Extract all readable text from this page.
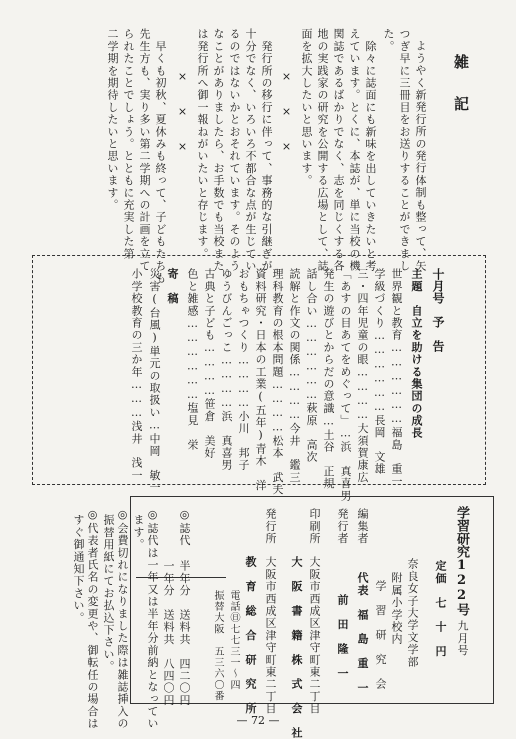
雑　記
ようやく新発行所の発行体制も整って、矢
つぎ早に三冊目をお送りすることができまし
た。
　除々に誌面にも新味を出していきたいと考
えています。とくに、本誌が、単に当校の機
関誌であるばかりでなく、志を同じくする各
地の実践家の研究を公開する広場として、誌
面を拡大したいと思います。
×　　×　　×
　発行所の移行に伴って、事務的な引継ぎが
十分でなく、いろいろ不都合な点が生じてい
るのではないかとおそれています。そのよう
なことがありましたら、お手数でも当校また
は発行所へ御一報ねがいたいと存じます。
×　　×　　×
　早くも初秋、夏休みも終って、子どもたちも
先生方も、実り多い第二学期への計画を立て
られたことでしょう。とともに充実した第
二学期を期待したいと思います。
十月号　予　告
主題　自立を助ける集団の成長
世界観と教育………………福島　重一
学級づくり………………長岡　文雄
三・四年児童の眼…………大須賀康広
「あすの目あてをめぐって」…浜　真喜男
発生の遊びとからだの意識…土谷　正規
話し合い………………萩原　高次
読解と作文の関係…………今井　鑑三
理科教育の根本問題…………松本　武夫
資料研究・日本の工業(五年)青木　洋
おもちゃつくり…………小川　邦子
ゆうびんごっこ…………浜　真喜男
古典と子ども…………笹倉　美好
色と雑感………………塩見　栄
寄　稿
災害(台風)単元の取扱い…中岡　敏一
小学校教育の三か年………浅井　浅一
学習研究122号
九月号
定価　七　十　円
奈良女子大学文学部
附属小学校内
学　習　研　究　会
編集者
代表　福　島　重　一
発行者
前　田　隆　一
印刷所
大阪市西成区津守町東二丁目
大　阪　書　籍　株　式　会　社
発行所
大阪市西成区津守町東二丁目
教　育　総　合　研　究　所
電話㊐七七三一〜四
振替大阪　五三六〇番
◎誌代
半年分　送料共　四二〇円
一年分　送料共　八四〇円
◎誌代は一年又は半年分前納となってい
ます。
◎会費切れになりました際は雑誌挿入の
振替用紙にてお払込下さい。
◎代表者氏名の変更や、御転任の場合は
すぐ御通知下さい。
— 72 —
